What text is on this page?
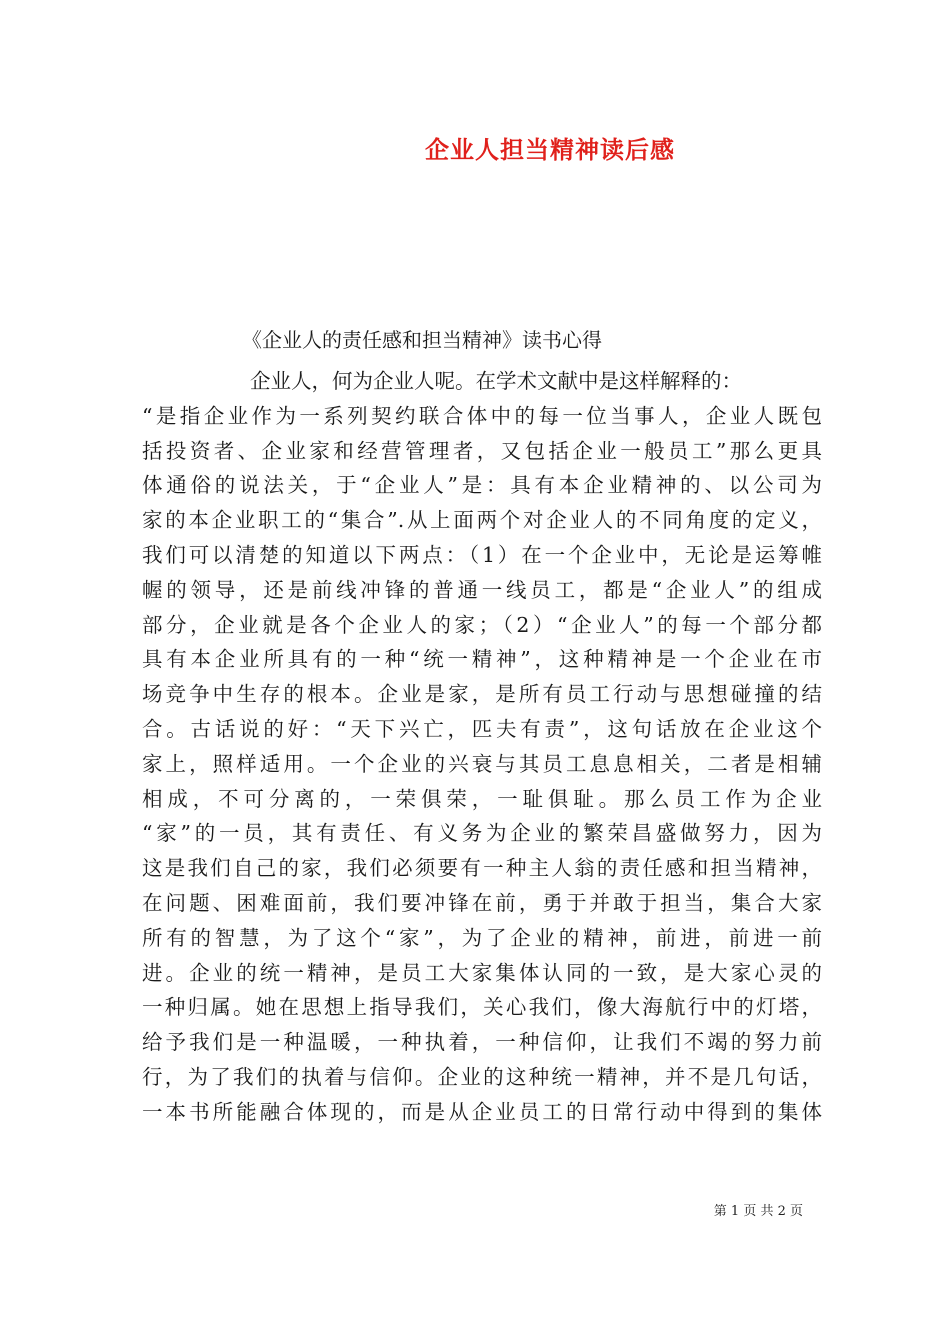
企业人担当精神读后感
《企业人的责任感和担当精神》读书心得
企业人，何为企业人呢。在学术文献中是这样解释的：
“是指企业作为一系列契约联合体中的每一位当事人，企业人既包
括投资者、企业家和经营管理者，又包括企业一般员工”那么更具
体通俗的说法关，于“企业人”是：具有本企业精神的、以公司为
家的本企业职工的“集合”.从上面两个对企业人的不同角度的定义，
我们可以清楚的知道以下两点：（1）在一个企业中，无论是运筹帷
幄的领导，还是前线冲锋的普通一线员工，都是“企业人”的组成
部分，企业就是各个企业人的家；（2）“企业人”的每一个部分都
具有本企业所具有的一种“统一精神”，这种精神是一个企业在市
场竞争中生存的根本。企业是家，是所有员工行动与思想碰撞的结
合。古话说的好：“天下兴亡，匹夫有责”，这句话放在企业这个
家上，照样适用。一个企业的兴衰与其员工息息相关，二者是相辅
相成，不可分离的，一荣俱荣，一耻俱耻。那么员工作为企业
“家”的一员，其有责任、有义务为企业的繁荣昌盛做努力，因为
这是我们自己的家，我们必须要有一种主人翁的责任感和担当精神，
在问题、困难面前，我们要冲锋在前，勇于并敢于担当，集合大家
所有的智慧，为了这个“家”，为了企业的精神，前进，前进一前
进。企业的统一精神，是员工大家集体认同的一致，是大家心灵的
一种归属。她在思想上指导我们，关心我们，像大海航行中的灯塔，
给予我们是一种温暖，一种执着，一种信仰，让我们不竭的努力前
行，为了我们的执着与信仰。企业的这种统一精神，并不是几句话，
一本书所能融合体现的，而是从企业员工的日常行动中得到的集体
第 1 页 共 2 页
